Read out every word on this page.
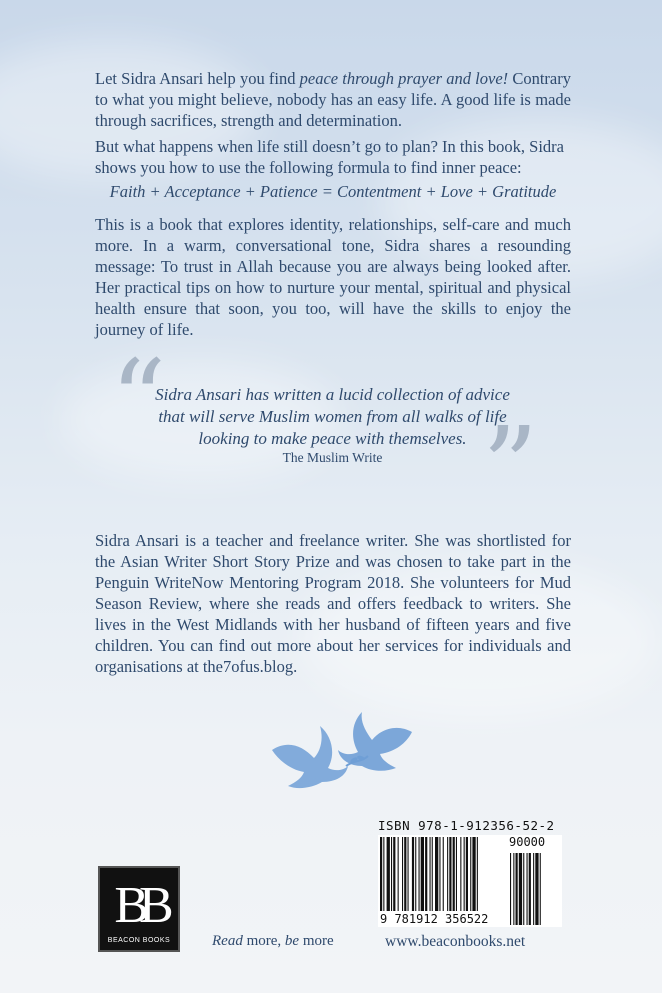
Let Sidra Ansari help you find peace through prayer and love! Contrary to what you might believe, nobody has an easy life. A good life is made through sacrifices, strength and determination.

But what happens when life still doesn’t go to plan? In this book, Sidra shows you how to use the following formula to find inner peace:

Faith + Acceptance + Patience = Contentment + Love + Gratitude

This is a book that explores identity, relationships, self-care and much more. In a warm, conversational tone, Sidra shares a resounding message: To trust in Allah because you are always being looked after. Her practical tips on how to nurture your mental, spiritual and physical health ensure that soon, you too, will have the skills to enjoy the journey of life.

“
Sidra Ansari has written a lucid collection of advice that will serve Muslim women from all walks of life looking to make peace with themselves.
The Muslim Write ”
Sidra Ansari is a teacher and freelance writer. She was shortlisted for the Asian Writer Short Story Prize and was chosen to take part in the Penguin WriteNow Mentoring Program 2018. She volunteers for Mud Season Review, where she reads and offers feedback to writers. She lives in the West Midlands with her husband of fifteen years and five children. You can find out more about her services for individuals and organisations at the7ofus.blog.
ISBN 978-1-912356-52-2
90000
9 781912 356522
BB
BEACON BOOKS	Read more, be more	www.beaconbooks.net
